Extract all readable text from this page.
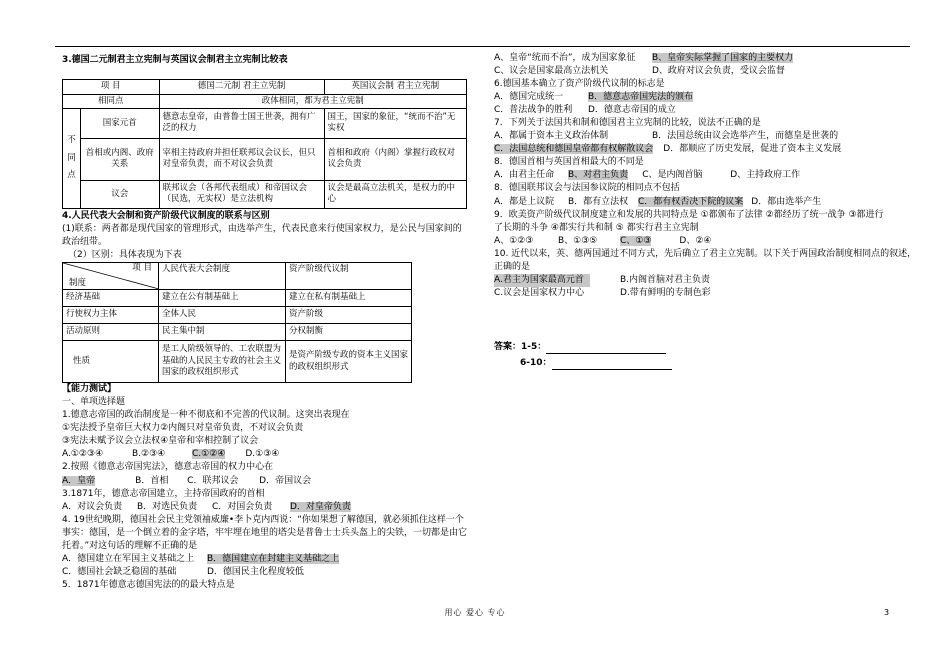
3.德国二元制君主立宪制与英国议会制君主立宪制比较表
项 目		德国二元制 君主立宪制	英国议会制 君主立宪制
相同点		政体相同，都为君主立宪制	

不同点	国家元首	德意志皇帝，由普鲁士国王世袭，拥有广泛的权力	国王，国家的象征，“统而不治”无实权
	首相或内阁、政府关系	宰相主持政府并担任联邦议会议长，但只对皇帝负责，而不对议会负责	首相和政府（内阁）掌握行政权对议会负责
	议会	联邦议会（各邦代表组成）和帝国议会（民选，无实权）是立法机构	议会是最高立法机关，是权力的中心
4.人民代表大会制和资产阶级代议制度的联系与区别
(1)联系：两者都是现代国家的管理形式，由选举产生，代表民意来行使国家权力，是公民与国家间的政治纽带。
（2）区别：具体表现为下表
项 目
制度	人民代表大会制度	资产阶级代议制
经济基础	建立在公有制基础上	建立在私有制基础上
行使权力主体	全体人民	资产阶级
活动原则	民主集中制	分权制衡
性质	是工人阶级领导的、工农联盟为基础的人民民主专政的社会主义国家的政权组织形式	是资产阶级专政的资本主义国家的政权组织形式
【能力测试】
一、单项选择题
1.德意志帝国的政治制度是一种不彻底和不完善的代议制。这突出表现在
①宪法授予皇帝巨大权力②内阁只对皇帝负责，不对议会负责
③宪法未赋予议会立法权④皇帝和宰相控制了议会
A.①②③④	B.②③④	C.①②④ D.①③④
2.按照《德意志帝国宪法》，德意志帝国的权力中心在
A．皇帝	B．首相 C．联邦议会 D．帝国议会
3.1871年，德意志帝国建立，主持帝国政府的首相
A．对议会负责 B．对选民负责 C．对国会负责 D．对皇帝负责
4. 19世纪晚期，德国社会民主党领袖威廉•李卜克内西说：“你如果想了解德国，就必须抓住这样一个
事实：德国，是一个倒立着的金字塔，牢牢埋在地里的塔尖是普鲁士士兵头盔上的尖铁，一切都是由它
托着。”对这句话的理解不正确的是
A．德国建立在军国主义基础之上 B．德国建立在封建主义基础之上
C．德国社会缺乏稳固的基础	D．德国民主化程度较低
5．1871年德意志德国宪法的的最大特点是
A、皇帝“统而不治”，成为国家象征 B、皇帝实际掌握了国家的主要权力
C、议会是国家最高立法机关	D、政府对议会负责，受议会监督
6.德国基本确立了资产阶级代议制的标志是
A．德国完成统一	B．德意志帝国宪法的颁布
C．普法战争的胜利 D．德意志帝国的成立
7．下列关于法国共和制和德国君主立宪制的比较，说法不正确的是
A．都属于资本主义政治体制	B．法国总统由议会选举产生，而德皇是世袭的
C．法国总统和德国皇帝都有权解散议会 D．都顺应了历史发展，促进了资本主义发展
8．德国首相与英国首相最大的不同是
A．由君主任命 B、对君主负责 C、是内阁首脑	D、主持政府工作
8．德国联邦议会与法国参议院的相同点不包括
A．都是上议院 B．都有立法权 C．都有权否决下院的议案 D．都由选举产生
9．欧美资产阶级代议制度建立和发展的共同特点是 ①都颁布了法律 ②都经历了统一战争 ③都进行
了长期的斗争 ④都实行共和制 ⑤ 都实行君主立宪制
A、①②③	B、①③⑤	C、①③	D、②④
10. 近代以来，英、德两国通过不同方式，先后确立了君主立宪制。以下关于两国政治制度相同点的叙述，
正确的是
A.君主为国家最高元首	B.内阁首脑对君主负责
C.议会是国家权力中心	D.带有鲜明的专制色彩
答案：1-5：
6-10：
用心 爱心 专心	3
